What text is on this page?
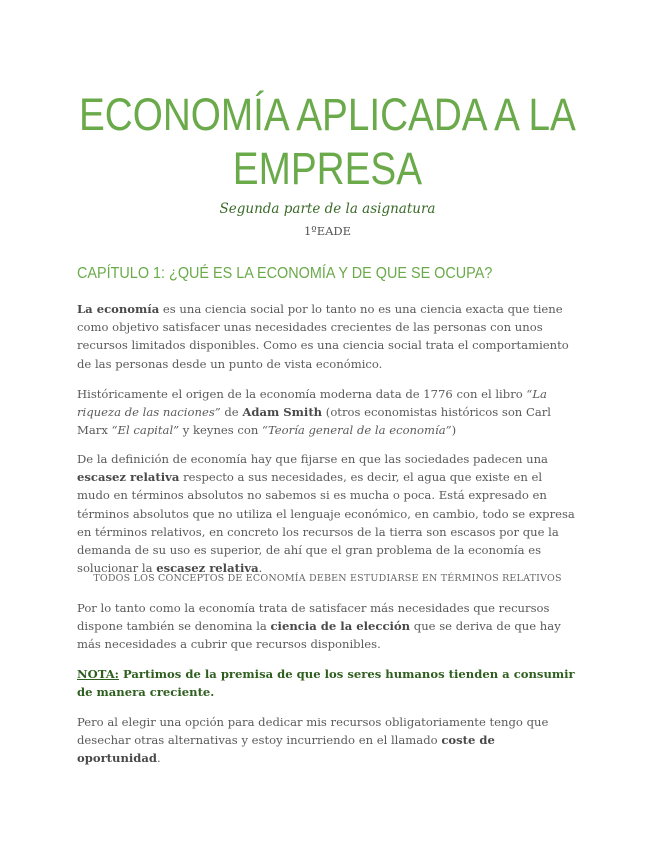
ECONOMÍA APLICADA A LA
EMPRESA
Segunda parte de la asignatura
1ºEADE
CAPÍTULO 1: ¿QUÉ ES LA ECONOMÍA Y DE QUE SE OCUPA?

La economía es una ciencia social por lo tanto no es una ciencia exacta que tiene como objetivo satisfacer unas necesidades crecientes de las personas con unos recursos limitados disponibles. Como es una ciencia social trata el comportamiento de las personas desde un punto de vista económico.

Históricamente el origen de la economía moderna data de 1776 con el libro “La riqueza de las naciones” de Adam Smith (otros economistas históricos son Carl Marx “El capital” y keynes con “Teoría general de la economía”)

De la definición de economía hay que fijarse en que las sociedades padecen una escasez relativa respecto a sus necesidades, es decir, el agua que existe en el mudo en términos absolutos no sabemos si es mucha o poca. Está expresado en términos absolutos que no utiliza el lenguaje económico, en cambio, todo se expresa en términos relativos, en concreto los recursos de la tierra son escasos por que la demanda de su uso es superior, de ahí que el gran problema de la economía es solucionar la escasez relativa.

TODOS LOS CONCEPTOS DE ECONOMÍA DEBEN ESTUDIARSE EN TÉRMINOS RELATIVOS

Por lo tanto como la economía trata de satisfacer más necesidades que recursos dispone también se denomina la ciencia de la elección que se deriva de que hay más necesidades a cubrir que recursos disponibles.

NOTA: Partimos de la premisa de que los seres humanos tienden a consumir de manera creciente.

Pero al elegir una opción para dedicar mis recursos obligatoriamente tengo que desechar otras alternativas y estoy incurriendo en el llamado coste de oportunidad.
